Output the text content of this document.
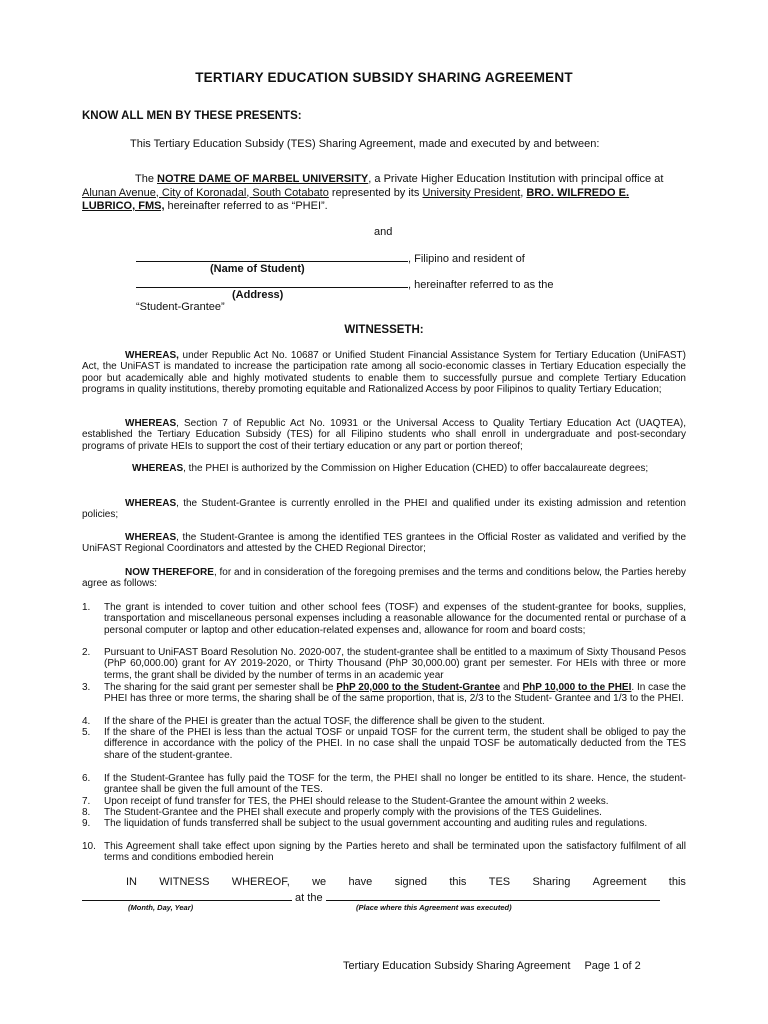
TERTIARY EDUCATION SUBSIDY SHARING AGREEMENT
KNOW ALL MEN BY THESE PRESENTS:
This Tertiary Education Subsidy (TES) Sharing Agreement, made and executed by and between:
The NOTRE DAME OF MARBEL UNIVERSITY, a Private Higher Education Institution with principal office at Alunan Avenue, City of Koronadal, South Cotabato represented by its University President, BRO. WILFREDO E. LUBRICO, FMS, hereinafter referred to as “PHEI”.
and
, Filipino and resident of
(Name of Student)
, hereinafter referred to as the
(Address)
“Student-Grantee”
WITNESSETH:
WHEREAS, under Republic Act No. 10687 or Unified Student Financial Assistance System for Tertiary Education (UniFAST) Act, the UniFAST is mandated to increase the participation rate among all socio-economic classes in Tertiary Education especially the poor but academically able and highly motivated students to enable them to successfully pursue and complete Tertiary Education programs in quality institutions, thereby promoting equitable and Rationalized Access by poor Filipinos to quality Tertiary Education;
WHEREAS, Section 7 of Republic Act No. 10931 or the Universal Access to Quality Tertiary Education Act (UAQTEA), established the Tertiary Education Subsidy (TES) for all Filipino students who shall enroll in undergraduate and post-secondary programs of private HEIs to support the cost of their tertiary education or any part or portion thereof;
WHEREAS, the PHEI is authorized by the Commission on Higher Education (CHED) to offer baccalaureate degrees;
WHEREAS, the Student-Grantee is currently enrolled in the PHEI and qualified under its existing admission and retention policies;
WHEREAS, the Student-Grantee is among the identified TES grantees in the Official Roster as validated and verified by the UniFAST Regional Coordinators and attested by the CHED Regional Director;
NOW THEREFORE, for and in consideration of the foregoing premises and the terms and conditions below, the Parties hereby agree as follows:
1. The grant is intended to cover tuition and other school fees (TOSF) and expenses of the student-grantee for books, supplies, transportation and miscellaneous personal expenses including a reasonable allowance for the documented rental or purchase of a personal computer or laptop and other education-related expenses and, allowance for room and board costs;
2. Pursuant to UniFAST Board Resolution No. 2020-007, the student-grantee shall be entitled to a maximum of Sixty Thousand Pesos (PhP 60,000.00) grant for AY 2019-2020, or Thirty Thousand (PhP 30,000.00) grant per semester. For HEIs with three or more terms, the grant shall be divided by the number of terms in an academic year
3. The sharing for the said grant per semester shall be PhP 20,000 to the Student-Grantee and PhP 10,000 to the PHEI. In case the PHEI has three or more terms, the sharing shall be of the same proportion, that is, 2/3 to the Student- Grantee and 1/3 to the PHEI.
4. If the share of the PHEI is greater than the actual TOSF, the difference shall be given to the student.
5. If the share of the PHEI is less than the actual TOSF or unpaid TOSF for the current term, the student shall be obliged to pay the difference in accordance with the policy of the PHEI. In no case shall the unpaid TOSF be automatically deducted from the TES share of the student-grantee.
6. If the Student-Grantee has fully paid the TOSF for the term, the PHEI shall no longer be entitled to its share. Hence, the student-grantee shall be given the full amount of the TES.
7. Upon receipt of fund transfer for TES, the PHEI should release to the Student-Grantee the amount within 2 weeks.
8. The Student-Grantee and the PHEI shall execute and properly comply with the provisions of the TES Guidelines.
9. The liquidation of funds transferred shall be subject to the usual government accounting and auditing rules and regulations.
10. This Agreement shall take effect upon signing by the Parties hereto and shall be terminated upon the satisfactory fulfilment of all terms and conditions embodied herein
IN WITNESS WHEREOF, we have signed this TES Sharing Agreement this
at the
(Month, Day, Year)	(Place where this Agreement was executed)
Tertiary Education Subsidy Sharing Agreement Page 1 of 2
